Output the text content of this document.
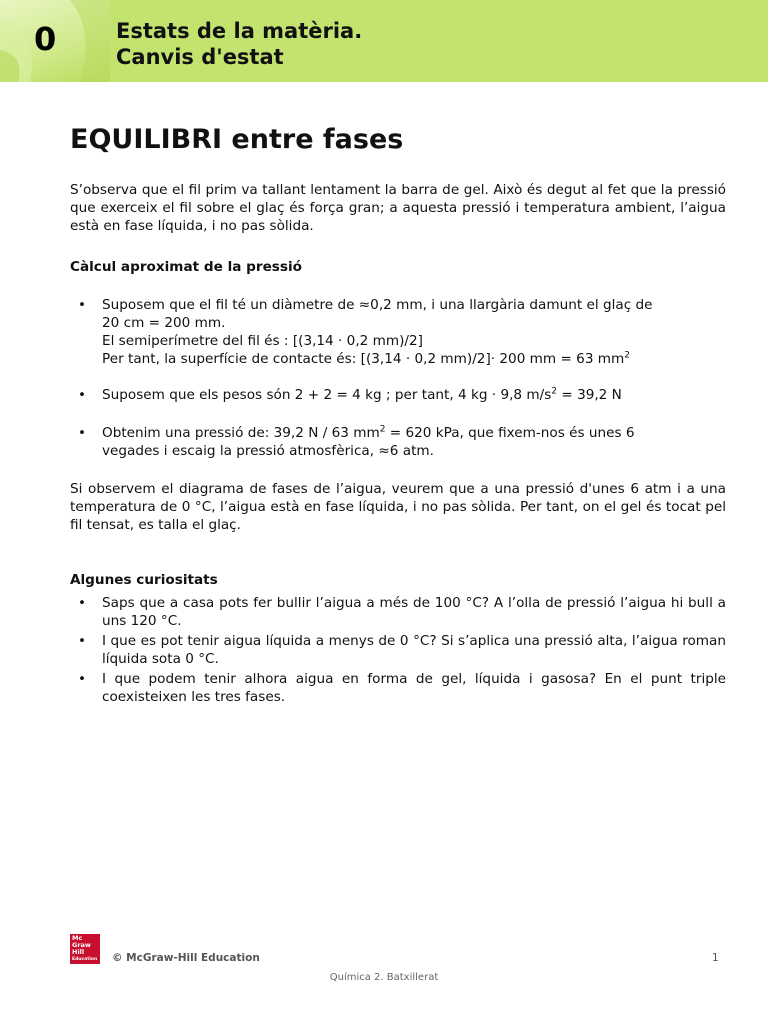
0	Estats de la matèria.
Canvis d'estat
EQUILIBRI entre fases

S’observa que el fil prim va tallant lentament la barra de gel. Això és degut al fet que la pressió que exerceix el fil sobre el glaç és força gran; a aquesta pressió i temperatura ambient, l’aigua està en fase líquida, i no pas sòlida.

Càlcul aproximat de la pressió

• Suposem que el fil té un diàmetre de ≈0,2 mm, i una llargària damunt el glaç de
20 cm = 200 mm.
El semiperímetre del fil és : [(3,14 · 0,2 mm)/2]
Per tant, la superfície de contacte és: [(3,14 · 0,2 mm)/2]· 200 mm = 63 $mm^2$
• Suposem que els pesos són 2 + 2 = 4 kg ; per tant, 4 kg · 9,8 $m/s^2 = 39,2$ N
• Obtenim una pressió de: 39,2 N / 63 $mm^2 = 620$ kPa, que fixem-nos és unes 6
vegades i escaig la pressió atmosfèrica, ≈6 atm.

Si observem el diagrama de fases de l’aigua, veurem que a una pressió d'unes 6 atm i a una temperatura de 0 °C, l’aigua està en fase líquida, i no pas sòlida. Per tant, on el gel és tocat pel fil tensat, es talla el glaç.

Algunes curiositats

• Saps que a casa pots fer bullir l’aigua a més de 100 °C? A l’olla de pressió l’aigua hi bull a uns 120 °C.
• I que es pot tenir aigua líquida a menys de 0 °C? Si s’aplica una pressió alta, l’aigua roman líquida sota 0 °C.
• I que podem tenir alhora aigua en forma de gel, líquida i gasosa? En el punt triple coexisteixen les tres fases.
Mc
Graw
Hill
Education © McGraw-Hill Education	1
Química 2. Batxillerat
